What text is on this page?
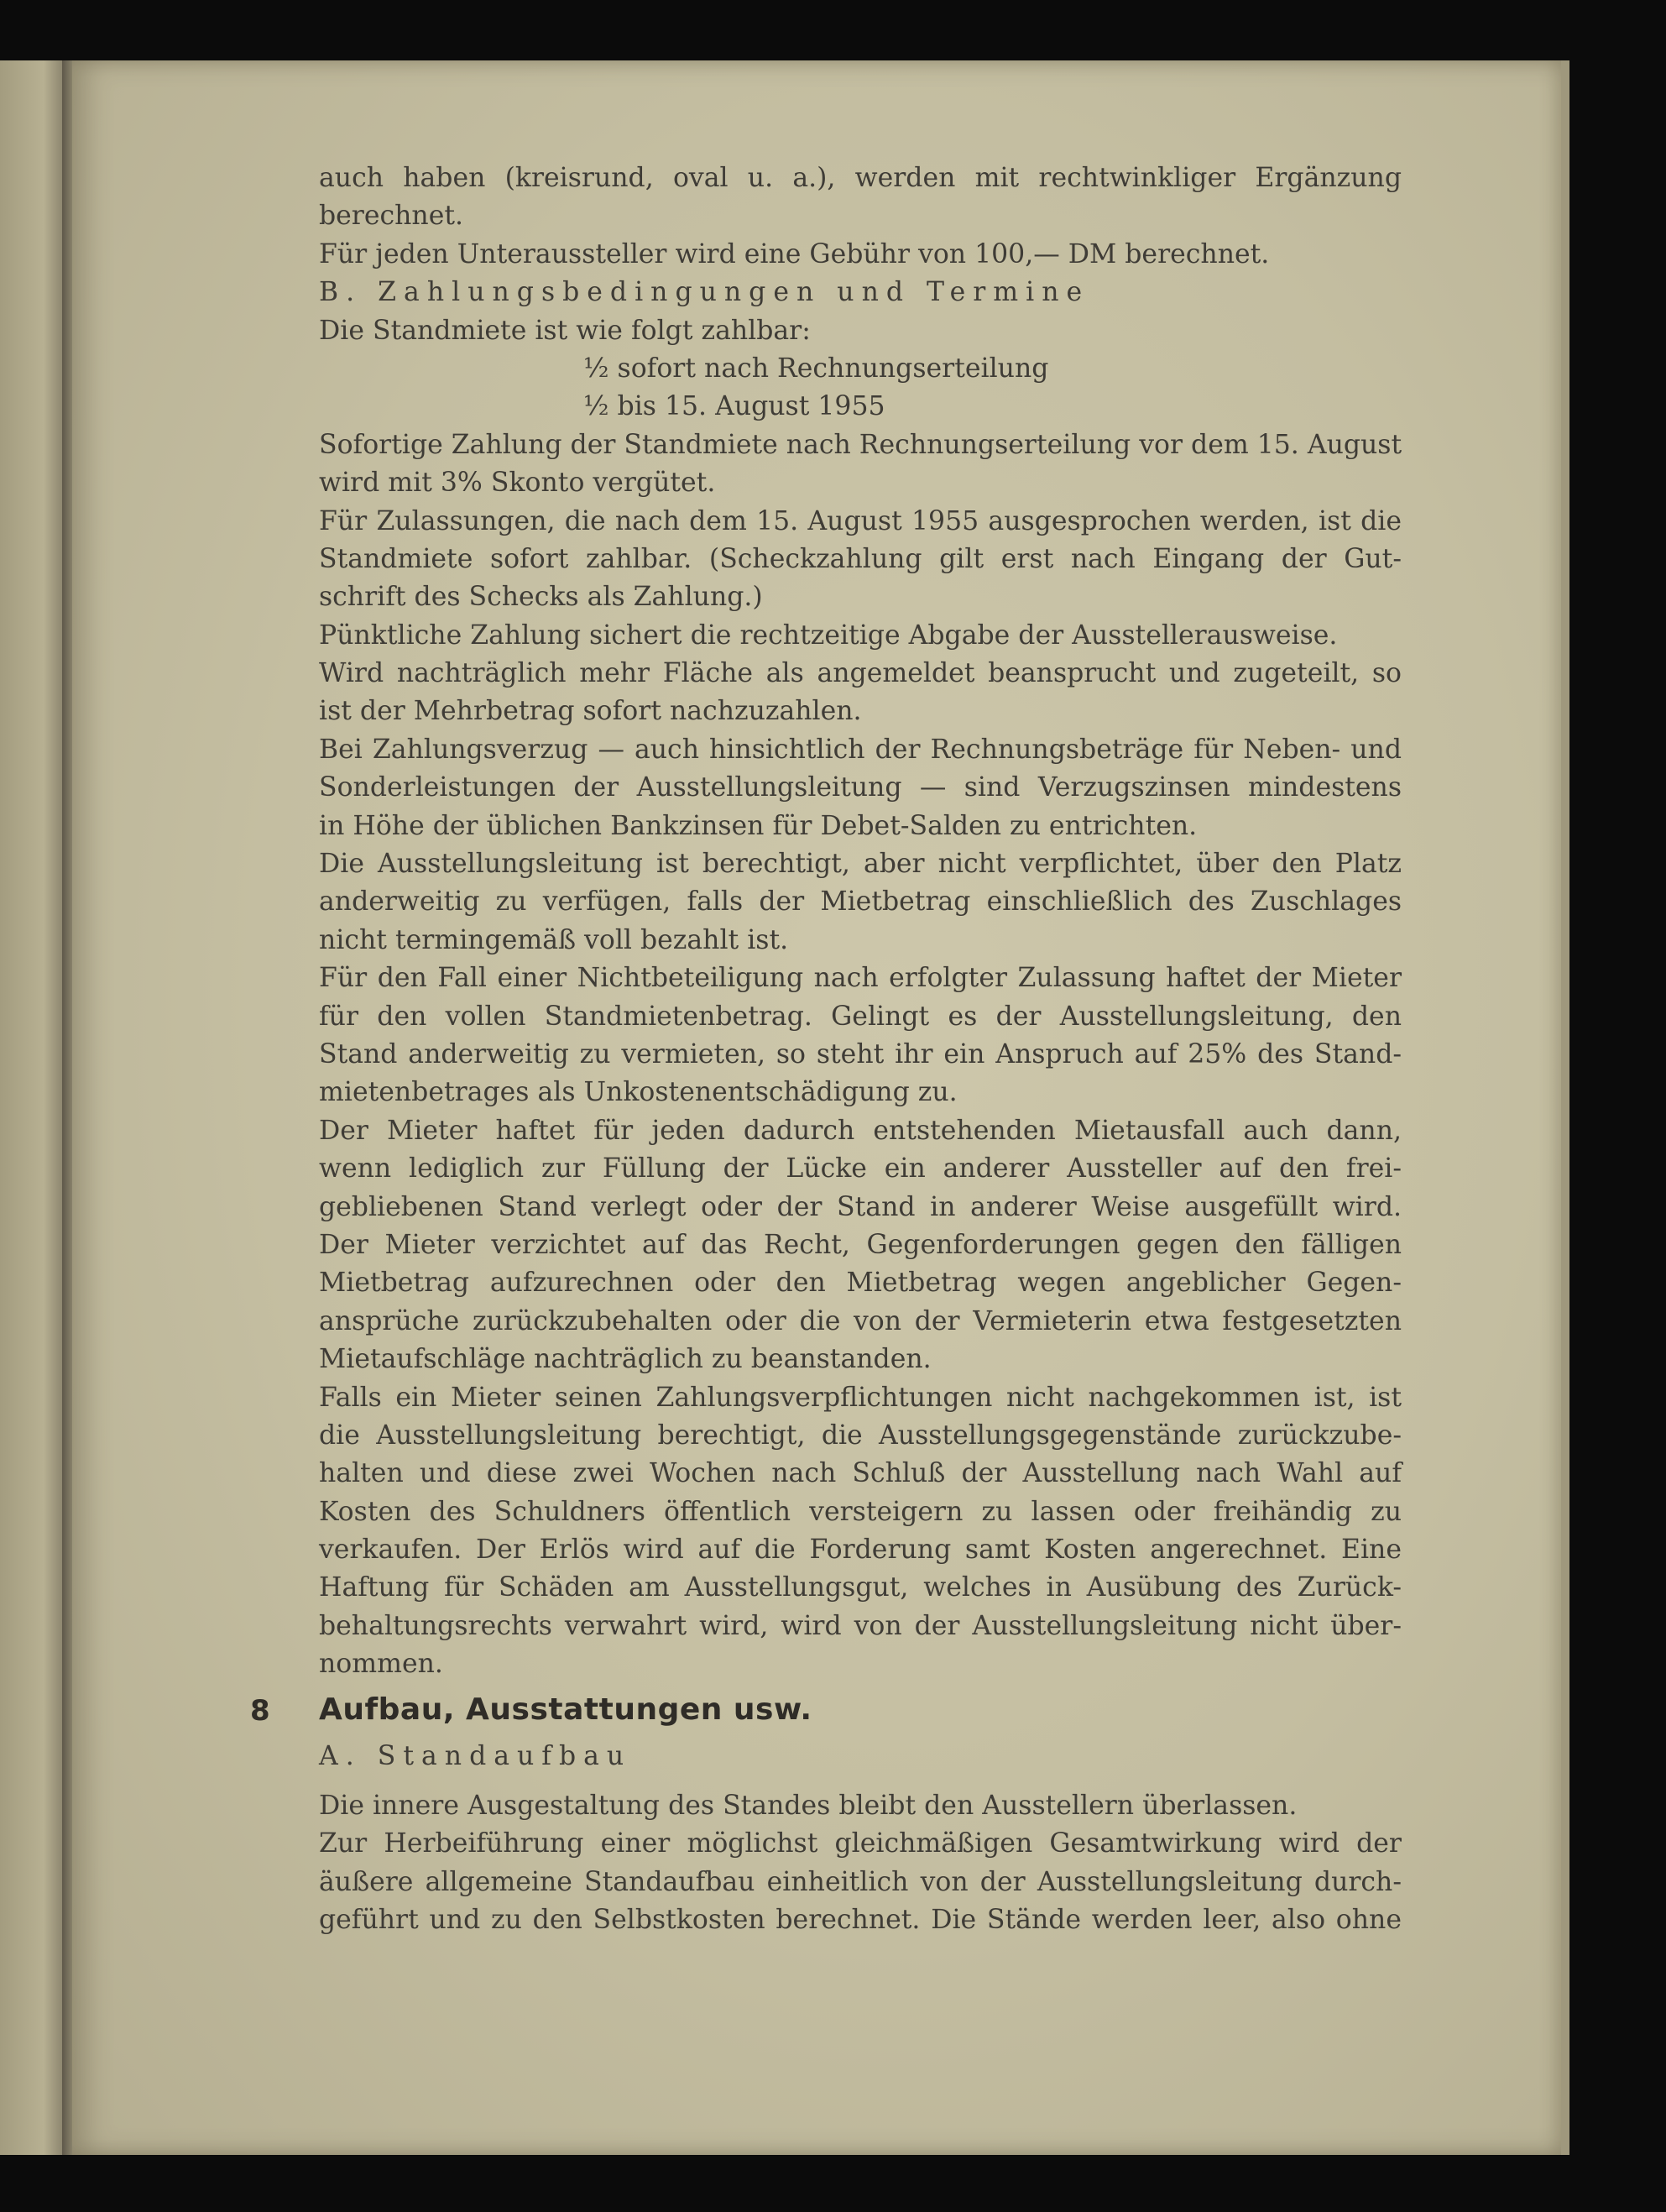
auch haben (kreisrund, oval u. a.), werden mit rechtwinkliger Ergänzung
berechnet.
Für jeden Unteraussteller wird eine Gebühr von 100,— DM berechnet.
B. Zahlungsbedingungen und Termine
Die Standmiete ist wie folgt zahlbar:
½ sofort nach Rechnungserteilung
½ bis 15. August 1955
Sofortige Zahlung der Standmiete nach Rechnungserteilung vor dem 15. August
wird mit 3% Skonto vergütet.
Für Zulassungen, die nach dem 15. August 1955 ausgesprochen werden, ist die
Standmiete sofort zahlbar. (Scheckzahlung gilt erst nach Eingang der Gut-
schrift des Schecks als Zahlung.)
Pünktliche Zahlung sichert die rechtzeitige Abgabe der Ausstellerausweise.
Wird nachträglich mehr Fläche als angemeldet beansprucht und zugeteilt, so
ist der Mehrbetrag sofort nachzuzahlen.
Bei Zahlungsverzug — auch hinsichtlich der Rechnungsbeträge für Neben- und
Sonderleistungen der Ausstellungsleitung — sind Verzugszinsen mindestens
in Höhe der üblichen Bankzinsen für Debet-Salden zu entrichten.
Die Ausstellungsleitung ist berechtigt, aber nicht verpflichtet, über den Platz
anderweitig zu verfügen, falls der Mietbetrag einschließlich des Zuschlages
nicht termingemäß voll bezahlt ist.
Für den Fall einer Nichtbeteiligung nach erfolgter Zulassung haftet der Mieter
für den vollen Standmietenbetrag. Gelingt es der Ausstellungsleitung, den
Stand anderweitig zu vermieten, so steht ihr ein Anspruch auf 25% des Stand-
mietenbetrages als Unkostenentschädigung zu.
Der Mieter haftet für jeden dadurch entstehenden Mietausfall auch dann,
wenn lediglich zur Füllung der Lücke ein anderer Aussteller auf den frei-
gebliebenen Stand verlegt oder der Stand in anderer Weise ausgefüllt wird.
Der Mieter verzichtet auf das Recht, Gegenforderungen gegen den fälligen
Mietbetrag aufzurechnen oder den Mietbetrag wegen angeblicher Gegen-
ansprüche zurückzubehalten oder die von der Vermieterin etwa festgesetzten
Mietaufschläge nachträglich zu beanstanden.
Falls ein Mieter seinen Zahlungsverpflichtungen nicht nachgekommen ist, ist
die Ausstellungsleitung berechtigt, die Ausstellungsgegenstände zurückzube-
halten und diese zwei Wochen nach Schluß der Ausstellung nach Wahl auf
Kosten des Schuldners öffentlich versteigern zu lassen oder freihändig zu
verkaufen. Der Erlös wird auf die Forderung samt Kosten angerechnet. Eine
Haftung für Schäden am Ausstellungsgut, welches in Ausübung des Zurück-
behaltungsrechts verwahrt wird, wird von der Ausstellungsleitung nicht über-
nommen.
8 Aufbau, Ausstattungen usw.
A. Standaufbau
Die innere Ausgestaltung des Standes bleibt den Ausstellern überlassen.
Zur Herbeiführung einer möglichst gleichmäßigen Gesamtwirkung wird der
äußere allgemeine Standaufbau einheitlich von der Ausstellungsleitung durch-
geführt und zu den Selbstkosten berechnet. Die Stände werden leer, also ohne
